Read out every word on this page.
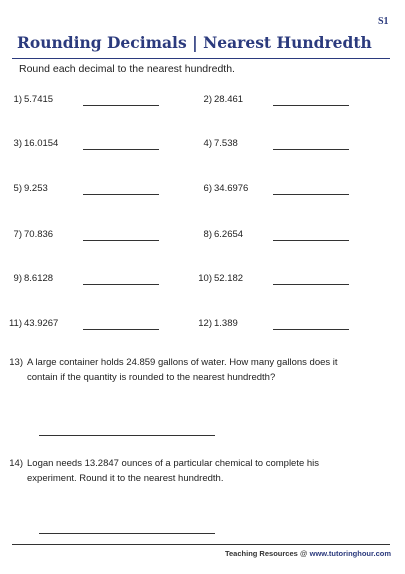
S1
Rounding Decimals | Nearest Hundredth
Round each decimal to the nearest hundredth.
1) 5.7415	2) 28.461
3) 16.0154	4) 7.538
5) 9.253	6) 34.6976
7) 70.836	8) 6.2654
9) 8.6128	10) 52.182
11) 43.9267	12) 1.389
13) A large container holds 24.859 gallons of water. How many gallons does it contain if the quantity is rounded to the nearest hundredth?
14) Logan needs 13.2847 ounces of a particular chemical to complete his experiment. Round it to the nearest hundredth.
Teaching Resources @ www.tutoringhour.com
